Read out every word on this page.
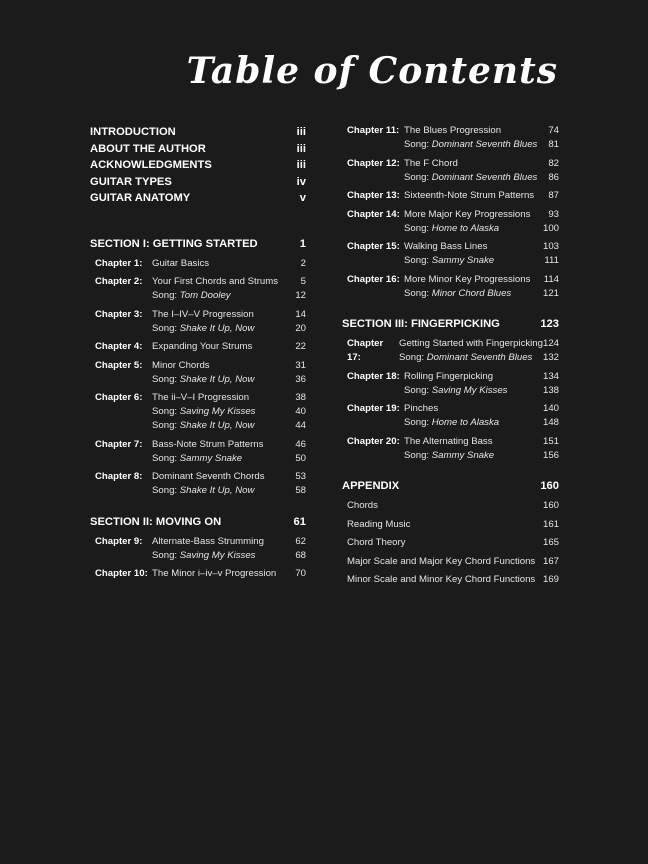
Table of Contents
INTRODUCTION	iii
ABOUT THE AUTHOR	iii
ACKNOWLEDGMENTS	iii
GUITAR TYPES	iv
GUITAR ANATOMY	v
SECTION I: GETTING STARTED	1
Chapter 1: Guitar Basics	2
Chapter 2: Your First Chords and Strums 5
Song: Tom Dooley	12
Chapter 3: The I–IV–V Progression	14
Song: Shake It Up, Now	20
Chapter 4: Expanding Your Strums	22
Chapter 5: Minor Chords	31
Song: Shake It Up, Now	36
Chapter 6: The ii–V–I Progression	38
Song: Saving My Kisses	40
Song: Shake It Up, Now	44
Chapter 7: Bass-Note Strum Patterns	46
Song: Sammy Snake	50
Chapter 8: Dominant Seventh Chords	53
Song: Shake It Up, Now	58
SECTION II: MOVING ON	61
Chapter 9: Alternate-Bass Strumming	62
Song: Saving My Kisses	68
Chapter 10: The Minor i–iv–v Progression 70
Chapter 11: The Blues Progression	74
Song: Dominant Seventh Blues 81
Chapter 12: The F Chord	82
Song: Dominant Seventh Blues 86
Chapter 13: Sixteenth-Note Strum Patterns 87
Chapter 14: More Major Key Progressions 93
Song: Home to Alaska	100
Chapter 15: Walking Bass Lines	103
Song: Sammy Snake	111
Chapter 16: More Minor Key Progressions 114
Song: Minor Chord Blues	121
SECTION III: FINGERPICKING	123
Chapter 17:
Getting Started with Fingerpicking 124
Song: Dominant Seventh Blues 132
Chapter 18: Rolling Fingerpicking	134
Song: Saving My Kisses	138
Chapter 19: Pinches	140
Song: Home to Alaska	148
Chapter 20: The Alternating Bass	151
Song: Sammy Snake	156
APPENDIX	160
Chords	160
Reading Music	161
Chord Theory	165
Major Scale and Major Key Chord Functions 167
Minor Scale and Minor Key Chord Functions 169
